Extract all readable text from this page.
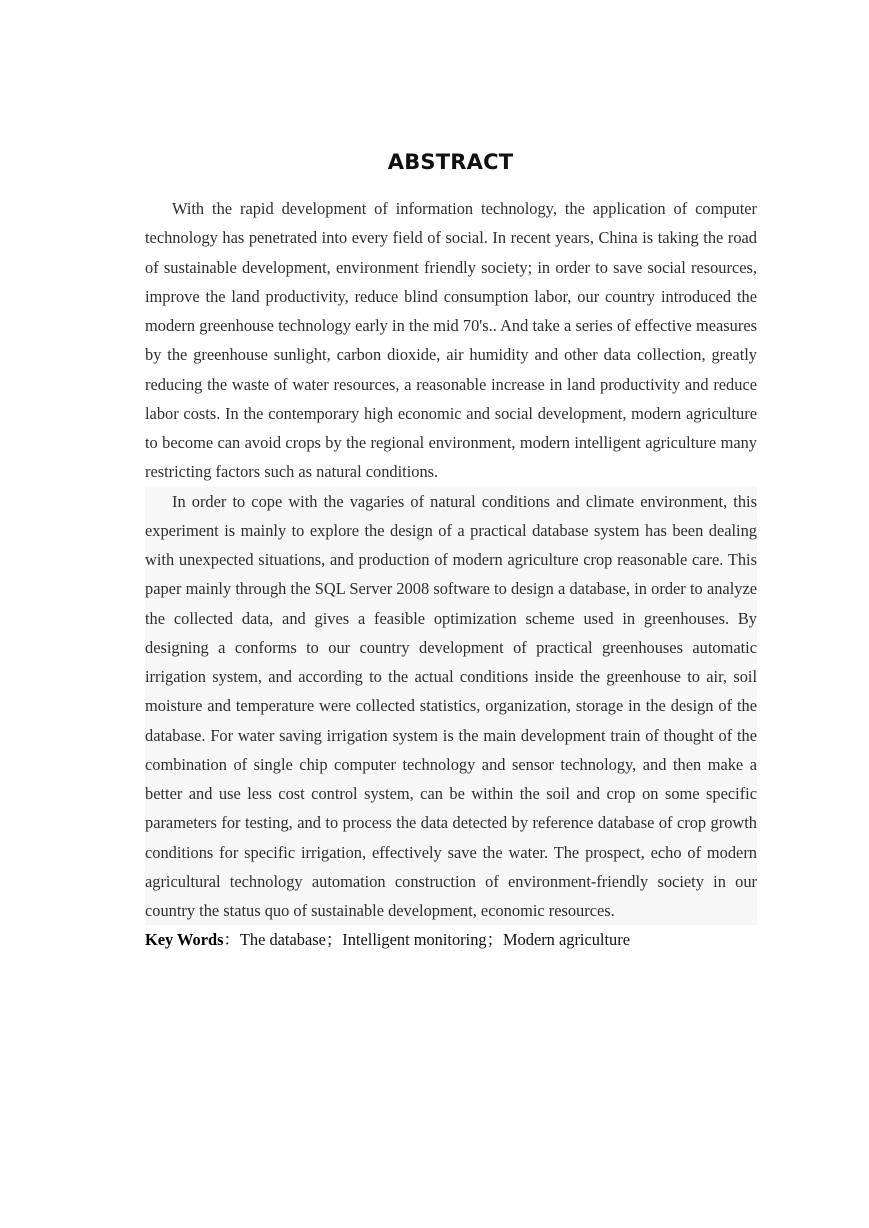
ABSTRACT

With the rapid development of information technology, the application of computer technology has penetrated into every field of social. In recent years, China is taking the road of sustainable development, environment friendly society; in order to save social resources, improve the land productivity, reduce blind consumption labor, our country introduced the modern greenhouse technology early in the mid 70's.. And take a series of effective measures by the greenhouse sunlight, carbon dioxide, air humidity and other data collection, greatly reducing the waste of water resources, a reasonable increase in land productivity and reduce labor costs. In the contemporary high economic and social development, modern agriculture to become can avoid crops by the regional environment, modern intelligent agriculture many restricting factors such as natural conditions.

In order to cope with the vagaries of natural conditions and climate environment, this experiment is mainly to explore the design of a practical database system has been dealing with unexpected situations, and production of modern agriculture crop reasonable care. This paper mainly through the SQL Server 2008 software to design a database, in order to analyze the collected data, and gives a feasible optimization scheme used in greenhouses. By designing a conforms to our country development of practical greenhouses automatic irrigation system, and according to the actual conditions inside the greenhouse to air, soil moisture and temperature were collected statistics, organization, storage in the design of the database. For water saving irrigation system is the main development train of thought of the combination of single chip computer technology and sensor technology, and then make a better and use less cost control system, can be within the soil and crop on some specific parameters for testing, and to process the data detected by reference database of crop growth conditions for specific irrigation, effectively save the water. The prospect, echo of modern agricultural technology automation construction of environment-friendly society in our country the status quo of sustainable development, economic resources.

Key Words：The database；Intelligent monitoring；Modern agriculture
